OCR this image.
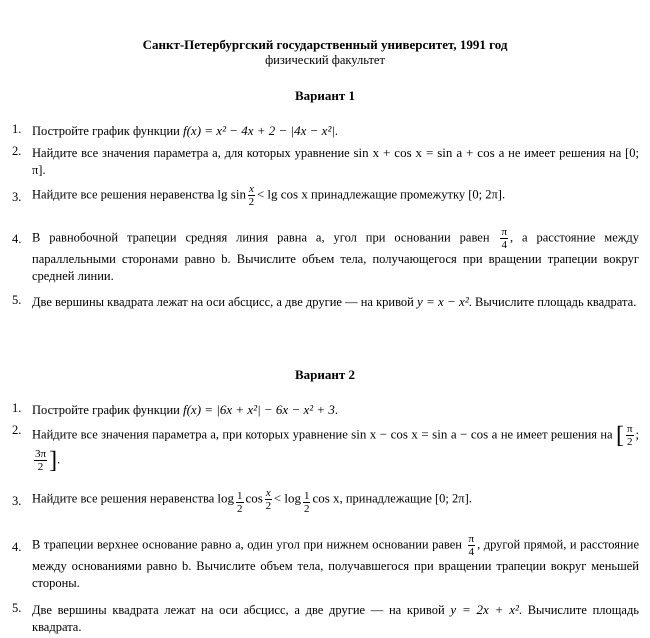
Санкт-Петербургский государственный университет, 1991 год
физический факультет
Вариант 1
1. Постройте график функции f(x) = x² − 4x + 2 − |4x − x²|.
2. Найдите все значения параметра a, для которых уравнение sin x + cos x = sin a + cos a не имеет решения на [0; π].
3. Найдите все решения неравенства $\lg \sin \frac{x}{2} < \lg \cos x$ принадлежащие промежутку [0; 2π].
4. В равнобочной трапеции средняя линия равна a, угол при основании равен $\frac{\pi}{4}$ , а расстояние между параллельными сторонами равно b. Вычислите объем тела, получающегося при вращении трапеции вокруг средней линии.
5. Две вершины квадрата лежат на оси абсцисс, а две другие — на кривой y = x − x². Вычислите площадь квадрата.
Вариант 2
1. Постройте график функции f(x) = |6x + x²| − 6x − x² + 3.
2. Найдите все значения параметра a, при которых уравнение sin x − cos x = sin a − cos a не имеет решения на [ $\frac{\pi}{2}$ ;
$\frac{3\pi}{2}$ ].
3. Найдите все решения неравенства $\log \frac{1}{2}$ $\cos \frac{x}{2} < \log \frac{1}{2}$ cos x, принадлежащие [0; 2π].
4. В трапеции верхнее основание равно a, один угол при нижнем основании равен $\frac{\pi}{4}$ , другой прямой, и расстояние между основаниями равно b. Вычислите объем тела, получавшегося при вращении трапеции вокруг меньшей стороны.
5. Две вершины квадрата лежат на оси абсцисс, а две другие — на кривой y = 2x + x². Вычислите площадь квадрата.
